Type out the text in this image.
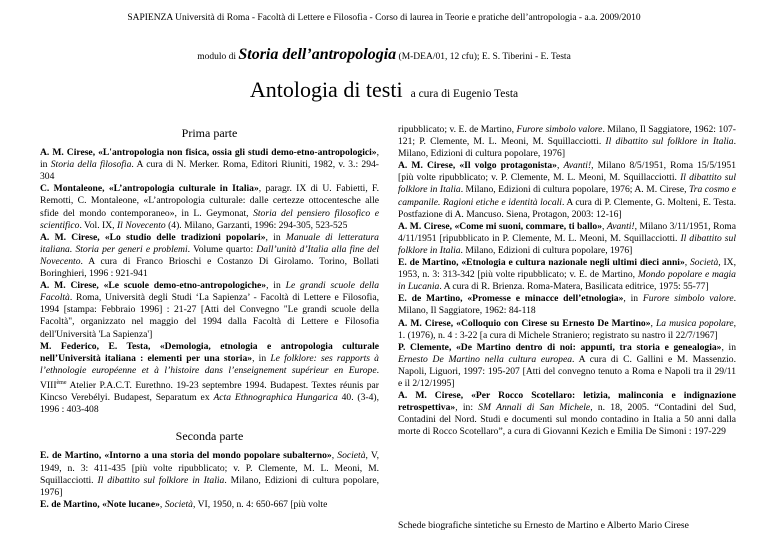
SAPIENZA Università di Roma - Facoltà di Lettere e Filosofia - Corso di laurea in Teorie e pratiche dell’antropologia - a.a. 2009/2010
modulo di Storia dell’antropologia (M-DEA/01, 12 cfu); E. S. Tiberini - E. Testa
Antologia di testi a cura di Eugenio Testa
Prima parte

A. M. Cirese, «L'antropologia non fisica, ossia gli studi demo-etno-antropologici», in Storia della filosofia. A cura di N. Merker. Roma, Editori Riuniti, 1982, v. 3.: 294-304

C. Montaleone, «L’antropologia culturale in Italia», paragr. IX di U. Fabietti, F. Remotti, C. Montaleone, «L’antropologia culturale: dalle certezze ottocentesche alle sfide del mondo contemporaneo», in L. Geymonat, Storia del pensiero filosofico e scientifico. Vol. IX, Il Novecento (4). Milano, Garzanti, 1996: 294-305, 523-525

A. M. Cirese, «Lo studio delle tradizioni popolari», in Manuale di letteratura italiana. Storia per generi e problemi. Volume quarto: Dall’unità d’Italia alla fine del Novecento. A cura di Franco Brioschi e Costanzo Di Girolamo. Torino, Bollati Boringhieri, 1996 : 921-941

A. M. Cirese, «Le scuole demo-etno-antropologiche», in Le grandi scuole della Facoltà. Roma, Università degli Studi ‘La Sapienza’ - Facoltà di Lettere e Filosofia, 1994 [stampa: Febbraio 1996] : 21-27 [Atti del Convegno "Le grandi scuole della Facoltà", organizzato nel maggio del 1994 dalla Facoltà di Lettere e Filosofia dell'Università 'La Sapienza']

M. Federico, E. Testa, «Demologia, etnologia e antropologia culturale nell’Università italiana : elementi per una storia», in Le folklore: ses rapports à l’ethnologie européenne et à l’histoire dans l’enseignement supérieur en Europe. VIIIème Atelier P.A.C.T. Eurethno. 19-23 septembre 1994. Budapest. Textes réunis par Kincso Verebélyi. Budapest, Separatum ex Acta Ethnographica Hungarica 40. (3-4), 1996 : 403-408

Seconda parte

E. de Martino, «Intorno a una storia del mondo popolare subalterno», Società, V, 1949, n. 3: 411-435 [più volte ripubblicato; v. P. Clemente, M. L. Meoni, M. Squillacciotti. Il dibattito sul folklore in Italia. Milano, Edizioni di cultura popolare, 1976]

E. de Martino, «Note lucane», Società, VI, 1950, n. 4: 650-667 [più volte

ripubblicato; v. E. de Martino, Furore simbolo valore. Milano, Il Saggiatore, 1962: 107-121; P. Clemente, M. L. Meoni, M. Squillacciotti. Il dibattito sul folklore in Italia. Milano, Edizioni di cultura popolare, 1976]

A. M. Cirese, «Il volgo protagonista», Avanti!, Milano 8/5/1951, Roma 15/5/1951 [più volte ripubblicato; v. P. Clemente, M. L. Meoni, M. Squillacciotti. Il dibattito sul folklore in Italia. Milano, Edizioni di cultura popolare, 1976; A. M. Cirese, Tra cosmo e campanile. Ragioni etiche e identità locali. A cura di P. Clemente, G. Molteni, E. Testa. Postfazione di A. Mancuso. Siena, Protagon, 2003: 12-16]

A. M. Cirese, «Come mi suoni, commare, ti ballo», Avanti!, Milano 3/11/1951, Roma 4/11/1951 [ripubblicato in P. Clemente, M. L. Meoni, M. Squillacciotti. Il dibattito sul folklore in Italia. Milano, Edizioni di cultura popolare, 1976]

E. de Martino, «Etnologia e cultura nazionale negli ultimi dieci anni», Società, IX, 1953, n. 3: 313-342 [più volte ripubblicato; v. E. de Martino, Mondo popolare e magia in Lucania. A cura di R. Brienza. Roma-Matera, Basilicata editrice, 1975: 55-77]

E. de Martino, «Promesse e minacce dell’etnologia», in Furore simbolo valore. Milano, Il Saggiatore, 1962: 84-118

A. M. Cirese, «Colloquio con Cirese su Ernesto De Martino», La musica popolare, 1. (1976), n. 4 : 3-22 [a cura di Michele Straniero; registrato su nastro il 22/7/1967]

P. Clemente, «De Martino dentro di noi: appunti, tra storia e genealogia», in Ernesto De Martino nella cultura europea. A cura di C. Gallini e M. Massenzio. Napoli, Liguori, 1997: 195-207 [Atti del convegno tenuto a Roma e Napoli tra il 29/11 e il 2/12/1995]

A. M. Cirese, «Per Rocco Scotellaro: letizia, malinconia e indignazione retrospettiva», in: SM Annali di San Michele, n. 18, 2005. “Contadini del Sud, Contadini del Nord. Studi e documenti sul mondo contadino in Italia a 50 anni dalla morte di Rocco Scotellaro”, a cura di Giovanni Kezich e Emilia De Simoni : 197-229

Schede biografiche sintetiche su Ernesto de Martino e Alberto Mario Cirese
